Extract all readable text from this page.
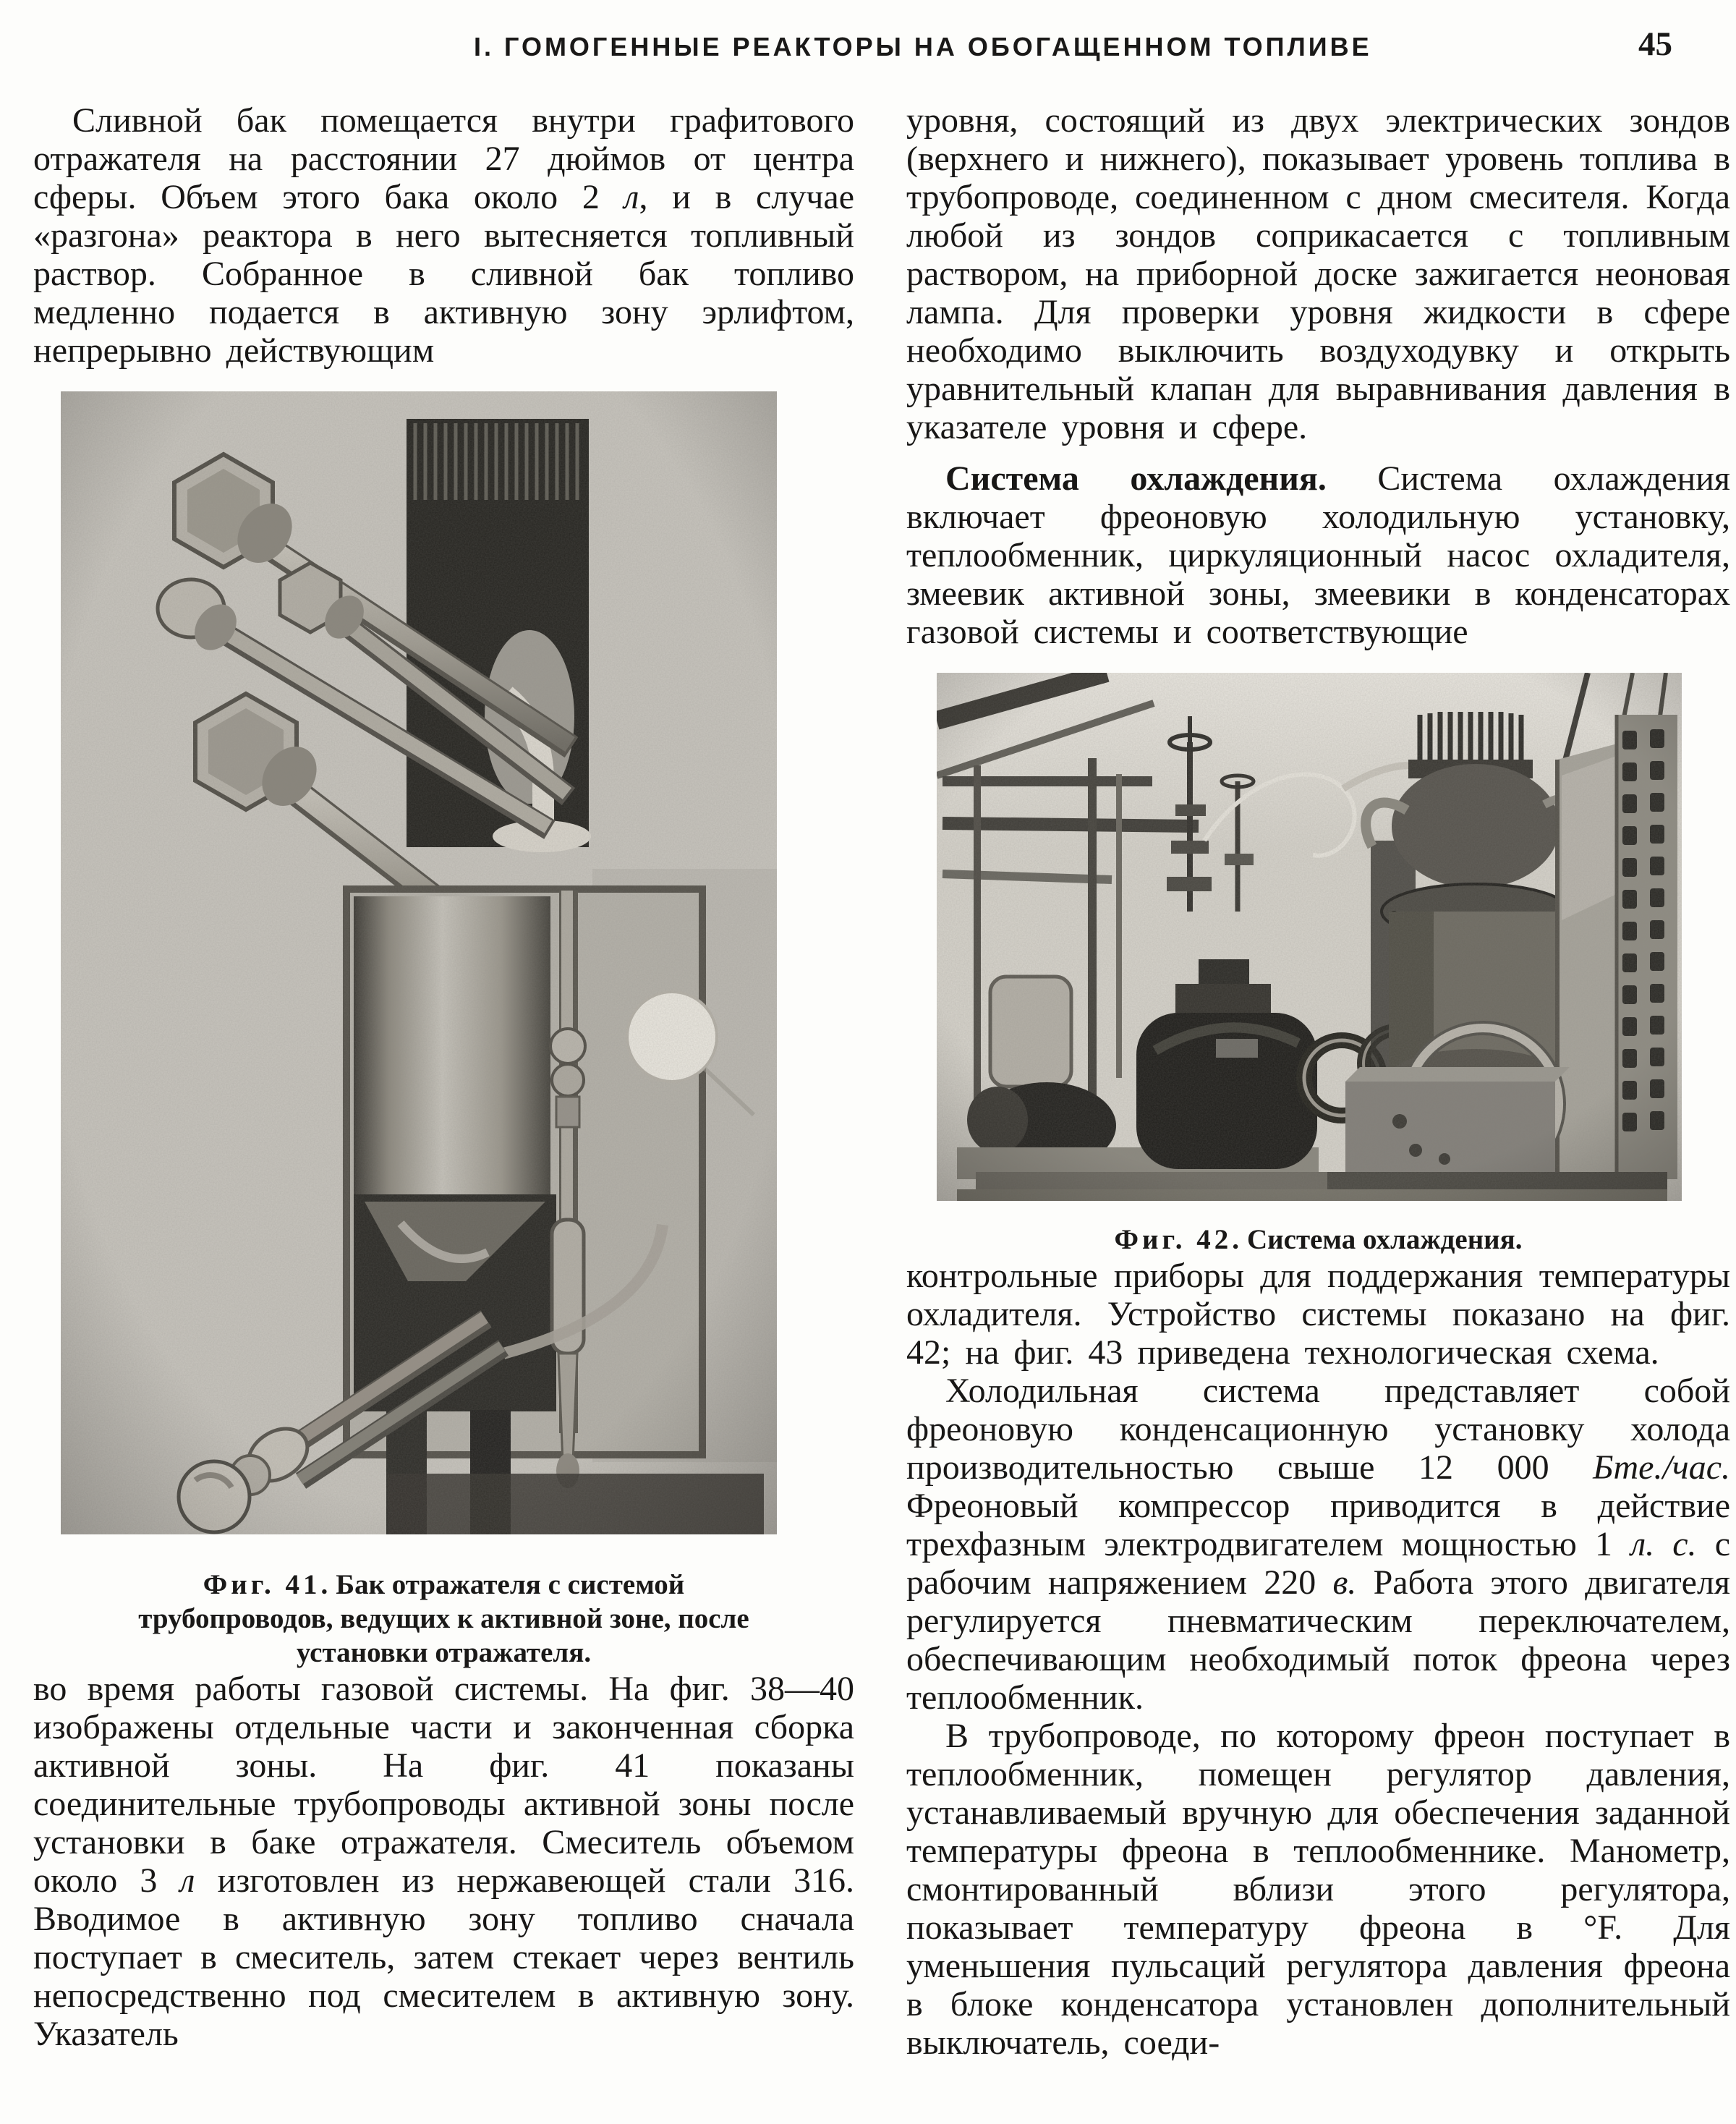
I. ГОМОГЕННЫЕ РЕАКТОРЫ НА ОБОГАЩЕННОМ ТОПЛИВЕ	45

Сливной бак помещается внутри графитового отражателя на расстоянии 27 дюймов от центра сферы. Объем этого бака около 2 л, и в случае «разгона» реактора в него вытесняется топливный раствор. Собранное в сливной бак топливо медленно подается в активную зону эрлифтом, непрерывно действующим

Фиг. 41. Бак отражателя с системой трубопроводов, ведущих к активной зоне, после установки отражателя.

во время работы газовой системы. На фиг. 38—40 изображены отдельные части и законченная сборка активной зоны. На фиг. 41 показаны соединительные трубопроводы активной зоны после установки в баке отражателя. Смеситель объемом около 3 л изготовлен из нержавеющей стали 316. Вводимое в активную зону топливо сначала поступает в смеситель, затем стекает через вентиль непосредственно под смесителем в активную зону. Указатель

уровня, состоящий из двух электрических зондов (верхнего и нижнего), показывает уровень топлива в трубопроводе, соединенном с дном смесителя. Когда любой из зондов соприкасается с топливным раствором, на приборной доске зажигается неоновая лампа. Для проверки уровня жидкости в сфере необходимо выключить воздуходувку и открыть уравнительный клапан для выравнивания давления в указателе уровня и сфере.

Система охлаждения. Система охлаждения включает фреоновую холодильную установку, теплообменник, циркуляционный насос охладителя, змеевик активной зоны, змеевики в конденсаторах газовой системы и соответствующие

Фиг. 42. Система охлаждения.

контрольные приборы для поддержания температуры охладителя. Устройство системы показано на фиг. 42; на фиг. 43 приведена технологическая схема.

Холодильная система представляет собой фреоновую конденсационную установку холода производительностью свыше 12 000 Бте./час. Фреоновый компрессор приводится в действие трехфазным электродвигателем мощностью 1 л. с. с рабочим напряжением 220 в. Работа этого двигателя регулируется пневматическим переключателем, обеспечивающим необходимый поток фреона через теплообменник.

В трубопроводе, по которому фреон поступает в теплообменник, помещен регулятор давления, устанавливаемый вручную для обеспечения заданной температуры фреона в теплообменнике. Манометр, смонтированный вблизи этого регулятора, показывает температуру фреона в °F. Для уменьшения пульсаций регулятора давления фреона в блоке конденсатора установлен дополнительный выключатель, соеди-
